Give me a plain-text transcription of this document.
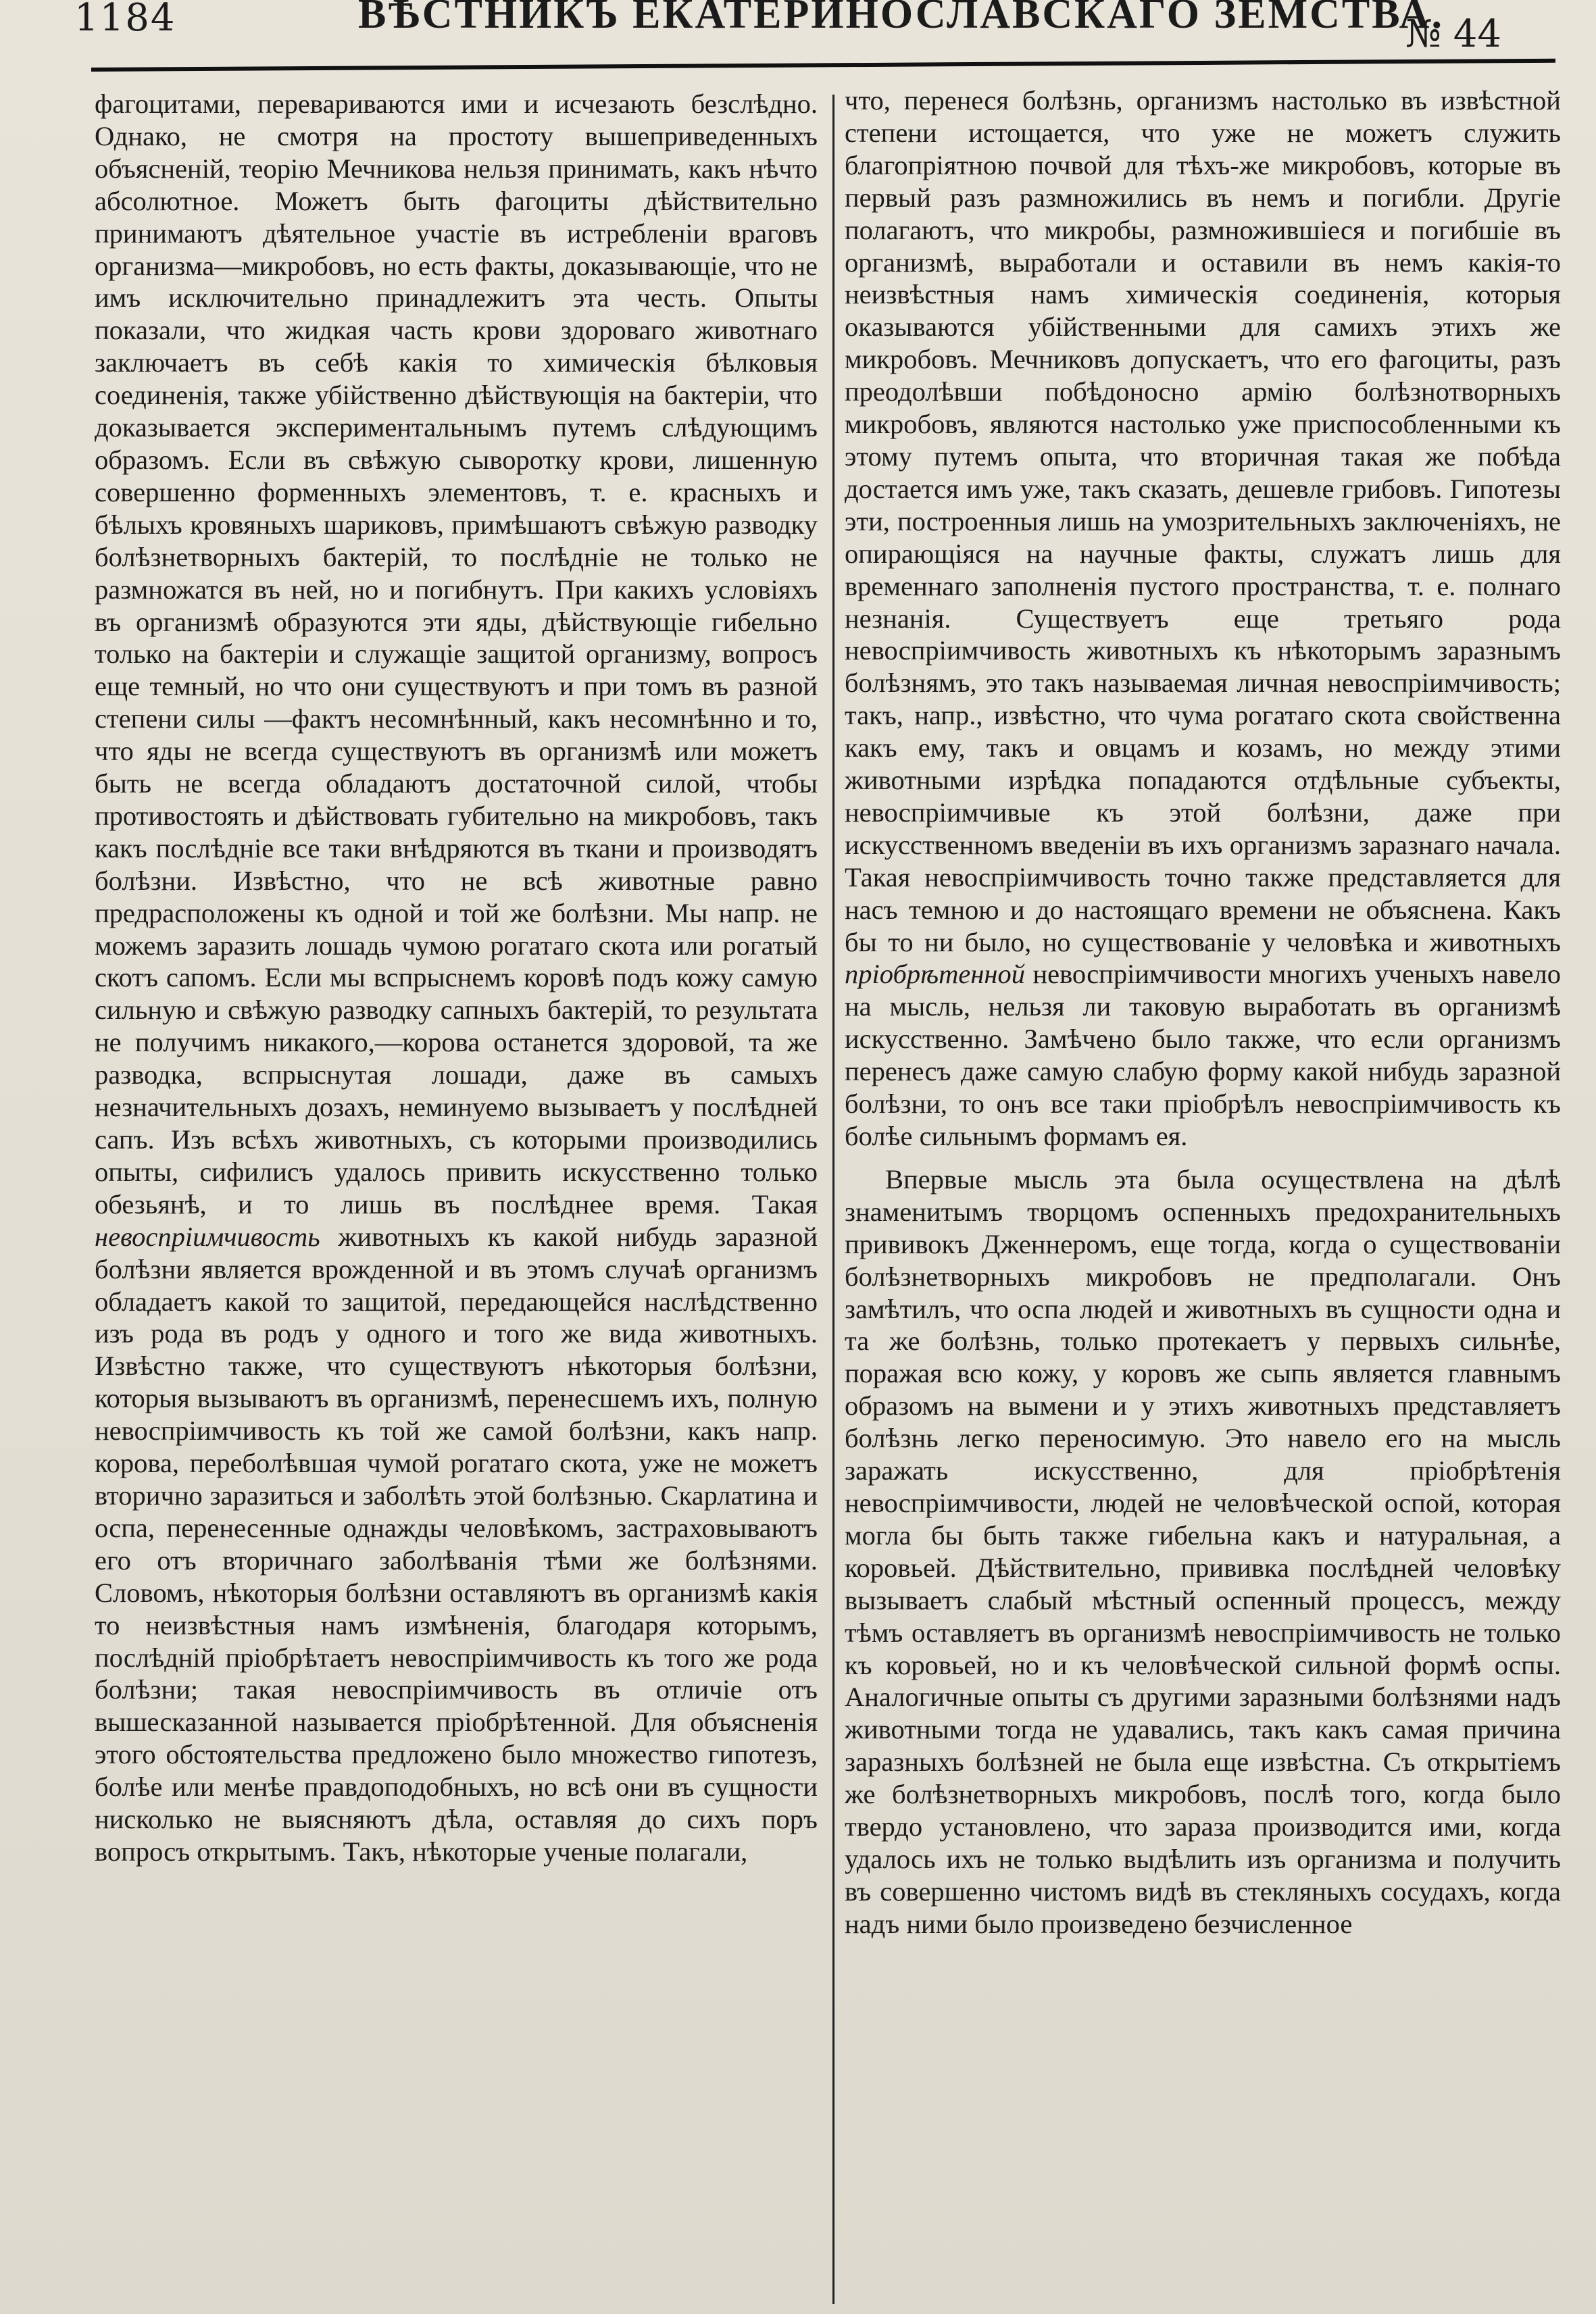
1184	ВѢСТНИКЪ ЕКАТЕРИНОСЛАВСКАГО ЗЕМСТВА.
№ 44

фагоцитами, перевариваются ими и исчезають безслѣдно. Однако, не смотря на простоту вышеприведенныхъ объясненій, теорію Мечникова нельзя принимать, какъ нѣчто абсолютное. Можетъ быть фагоциты дѣйствительно принимаютъ дѣятельное участіе въ истребленіи враговъ организма—микробовъ, но есть факты, доказывающіе, что не имъ исключительно принадлежитъ эта честь. Опыты показали, что жидкая часть крови здороваго животнаго заключаетъ въ себѣ какія то химическія бѣлковыя соединенія, также убійственно дѣйствующія на бактеріи, что доказывается экспериментальнымъ путемъ слѣдующимъ образомъ. Если въ свѣжую сыворотку крови, лишенную совершенно форменныхъ элементовъ, т. е. красныхъ и бѣлыхъ кровяныхъ шариковъ, примѣшаютъ свѣжую разводку болѣзнетворныхъ бактерій, то послѣдніе не только не размножатся въ ней, но и погибнутъ. При какихъ условіяхъ въ организмѣ образуются эти яды, дѣйствующіе гибельно только на бактеріи и служащіе защитой организму, вопросъ еще темный, но что они существуютъ и при томъ въ разной степени силы —фактъ несомнѣнный, какъ несомнѣнно и то, что яды не всегда существуютъ въ организмѣ или можетъ быть не всегда обладаютъ достаточной силой, чтобы противостоять и дѣйствовать губительно на микробовъ, такъ какъ послѣдніе все таки внѣдряются въ ткани и производятъ болѣзни. Извѣстно, что не всѣ животные равно предрасположены къ одной и той же болѣзни. Мы напр. не можемъ заразить лошадь чумою рогатаго скота или рогатый скотъ сапомъ. Если мы вспрыснемъ коровѣ подъ кожу самую сильную и свѣжую разводку сапныхъ бактерій, то результата не получимъ никакого,—корова останется здоровой, та же разводка, вспрыснутая лошади, даже въ самыхъ незначительныхъ дозахъ, неминуемо вызываетъ у послѣдней сапъ. Изъ всѣхъ животныхъ, съ которыми производились опыты, сифилисъ удалось привить искусственно только обезьянѣ, и то лишь въ послѣднее время. Такая невоспріимчивость животныхъ къ какой нибудь заразной болѣзни является врожденной и въ этомъ случаѣ организмъ обладаетъ какой то защитой, передающейся наслѣдственно изъ рода въ родъ у одного и того же вида животныхъ. Извѣстно также, что существуютъ нѣкоторыя болѣзни, которыя вызываютъ въ организмѣ, перенесшемъ ихъ, полную невоспріимчивость къ той же самой болѣзни, какъ напр. корова, переболѣвшая чумой рогатаго скота, уже не можетъ вторично заразиться и заболѣть этой болѣзнью. Скарлатина и оспа, перенесенные однажды человѣкомъ, застраховываютъ его отъ вторичнаго заболѣванія тѣми же болѣзнями. Словомъ, нѣкоторыя болѣзни оставляютъ въ организмѣ какія то неизвѣстныя намъ измѣненія, благодаря которымъ, послѣдній пріобрѣтаетъ невоспріимчивость къ того же рода болѣзни; такая невоспріимчивость въ отличіе отъ вышесказанной называется пріобрѣтенной. Для объясненія этого обстоятельства предложено было множество гипотезъ, болѣе или менѣе правдоподобныхъ, но всѣ они въ сущности нисколько не выясняютъ дѣла, оставляя до сихъ поръ вопросъ открытымъ. Такъ, нѣкоторые ученые полагали,

что, перенеся болѣзнь, организмъ настолько въ извѣстной степени истощается, что уже не можетъ служить благопріятною почвой для тѣхъ-же микробовъ, которые въ первый разъ размножились въ немъ и погибли. Другіе полагаютъ, что микробы, размножившіеся и погибшіе въ организмѣ, выработали и оставили въ немъ какія-то неизвѣстныя намъ химическія соединенія, которыя оказываются убійственными для самихъ этихъ же микробовъ. Мечниковъ допускаетъ, что его фагоциты, разъ преодолѣвши побѣдоносно армію болѣзнотворныхъ микробовъ, являются настолько уже приспособленными къ этому путемъ опыта, что вторичная такая же побѣда достается имъ уже, такъ сказать, дешевле грибовъ. Гипотезы эти, построенныя лишь на умозрительныхъ заключеніяхъ, не опирающіяся на научные факты, служатъ лишь для временнаго заполненія пустого пространства, т. е. полнаго незнанія. Существуетъ еще третьяго рода невоспріимчивость животныхъ къ нѣкоторымъ заразнымъ болѣзнямъ, это такъ называемая личная невоспріимчивость; такъ, напр., извѣстно, что чума рогатаго скота свойственна какъ ему, такъ и овцамъ и козамъ, но между этими животными изрѣдка попадаются отдѣльные субъекты, невоспріимчивые къ этой болѣзни, даже при искусственномъ введеніи въ ихъ организмъ заразнаго начала. Такая невоспріимчивость точно также представляется для насъ темною и до настоящаго времени не объяснена. Какъ бы то ни было, но существованіе у человѣка и животныхъ пріобрѣтенной невоспріимчивости многихъ ученыхъ навело на мысль, нельзя ли таковую выработать въ организмѣ искусственно. Замѣчено было также, что если организмъ перенесъ даже самую слабую форму какой нибудь заразной болѣзни, то онъ все таки пріобрѣлъ невоспріимчивость къ болѣе сильнымъ формамъ ея.

Впервые мысль эта была осуществлена на дѣлѣ знаменитымъ творцомъ оспенныхъ предохранительныхъ прививокъ Дженнеромъ, еще тогда, когда о существованіи болѣзнетворныхъ микробовъ не предполагали. Онъ замѣтилъ, что оспа людей и животныхъ въ сущности одна и та же болѣзнь, только протекаетъ у первыхъ сильнѣе, поражая всю кожу, у коровъ же сыпь является главнымъ образомъ на вымени и у этихъ животныхъ представляетъ болѣзнь легко переносимую. Это навело его на мысль заражать искусственно, для пріобрѣтенія невоспріимчивости, людей не человѣческой оспой, которая могла бы быть также гибельна какъ и натуральная, а коровьей. Дѣйствительно, прививка послѣдней человѣку вызываетъ слабый мѣстный оспенный процессъ, между тѣмъ оставляетъ въ организмѣ невоспріимчивость не только къ коровьей, но и къ человѣческой сильной формѣ оспы. Аналогичные опыты съ другими заразными болѣзнями надъ животными тогда не удавались, такъ какъ самая причина заразныхъ болѣзней не была еще извѣстна. Съ открытіемъ же болѣзнетворныхъ микробовъ, послѣ того, когда было твердо установлено, что зараза производится ими, когда удалось ихъ не только выдѣлить изъ организма и получить въ совершенно чистомъ видѣ въ стекляныхъ сосудахъ, когда надъ ними было произведено безчисленное
